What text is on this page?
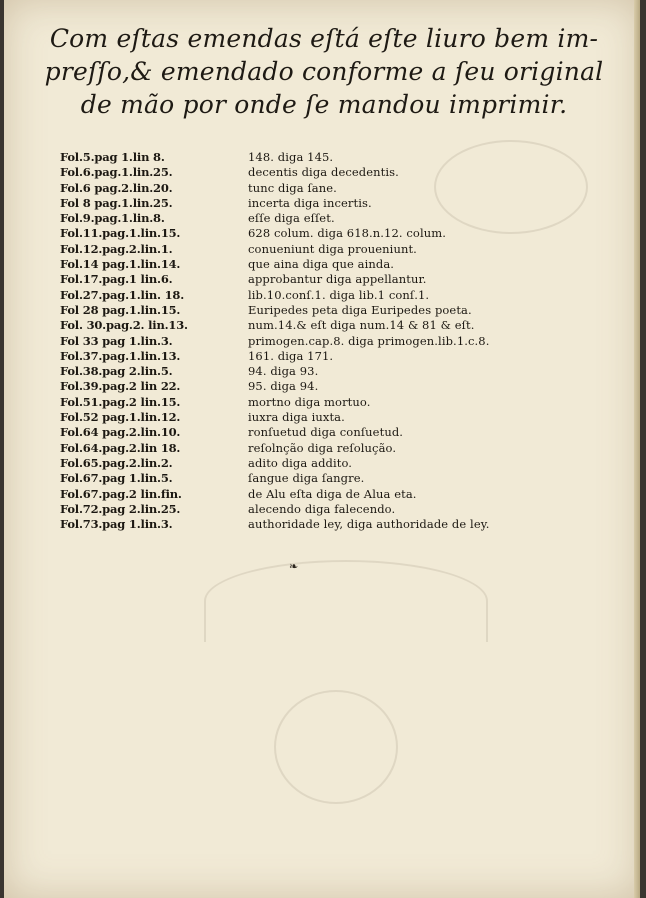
Com eſtas emendas eſtá eſte liuro bem im-
preſſo,& emendado conforme a ſeu original
de mão por onde ſe mandou imprimir.
Fol.5.pag 1.lin 8.	148. diga 145.
Fol.6.pag.1.lin.25.	decentis diga decedentis.
Fol.6 pag.2.lin.20.	tunc diga ſane.
Fol 8 pag.1.lin.25.	incerta diga incertis.
Fol.9.pag.1.lin.8.	eſſe diga eſſet.
Fol.11.pag.1.lin.15.	628 colum. diga 618.n.12. colum.
Fol.12.pag.2.lin.1.	conueniunt diga proueniunt.
Fol.14 pag.1.lin.14.	que aina diga que ainda.
Fol.17.pag.1 lin.6.	approbantur diga appellantur.
Fol.27.pag.1.lin. 18.	lib.10.conſ.1. diga lib.1 conſ.1.
Fol 28 pag.1.lin.15.	Euripedes peta diga Euripedes poeta.
Fol. 30.pag.2. lin.13.	num.14.& eſt diga num.14 & 81 & eſt.
Fol 33 pag 1.lin.3.	primogen.cap.8. diga primogen.lib.1.c.8.
Fol.37.pag.1.lin.13.	161. diga 171.
Fol.38.pag 2.lin.5.	94. diga 93.
Fol.39.pag.2 lin 22.	95. diga 94.
Fol.51.pag.2 lin.15.	mortno diga mortuo.
Fol.52 pag.1.lin.12.	iuxra diga iuxta.
Fol.64 pag.2.lin.10.	ronſuetud diga conſuetud.
Fol.64.pag.2.lin 18.	reſolnção diga reſolução.
Fol.65.pag.2.lin.2.	adito diga addito.
Fol.67.pag 1.lin.5.	ſangue diga ſangre.
Fol.67.pag.2 lin.fin.	de Alu eſta diga de Alua eta.
Fol.72.pag 2.lin.25.	alecendo diga falecendo.
Fol.73.pag 1.lin.3.	authoridade ley, diga authoridade de ley.
❧
